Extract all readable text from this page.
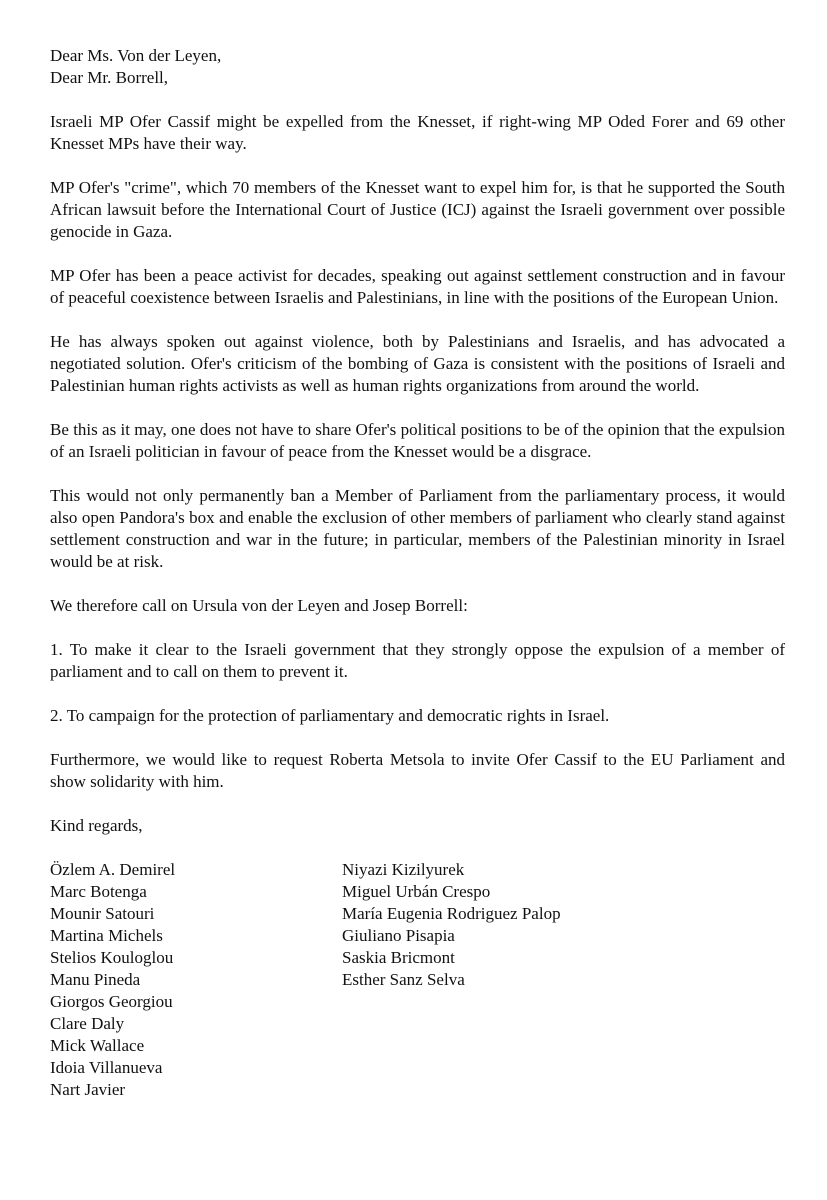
Dear Ms. Von der Leyen,

Dear Mr. Borrell,

Israeli MP Ofer Cassif might be expelled from the Knesset, if right-wing MP Oded Forer and 69 other Knesset MPs have their way.

MP Ofer's "crime", which 70 members of the Knesset want to expel him for, is that he supported the South African lawsuit before the International Court of Justice (ICJ) against the Israeli government over possible genocide in Gaza.

MP Ofer has been a peace activist for decades, speaking out against settlement construction and in favour of peaceful coexistence between Israelis and Palestinians, in line with the positions of the European Union.

He has always spoken out against violence, both by Palestinians and Israelis, and has advocated a negotiated solution. Ofer's criticism of the bombing of Gaza is consistent with the positions of Israeli and Palestinian human rights activists as well as human rights organizations from around the world.

Be this as it may, one does not have to share Ofer's political positions to be of the opinion that the expulsion of an Israeli politician in favour of peace from the Knesset would be a disgrace.

This would not only permanently ban a Member of Parliament from the parliamentary process, it would also open Pandora's box and enable the exclusion of other members of parliament who clearly stand against settlement construction and war in the future; in particular, members of the Palestinian minority in Israel would be at risk.

We therefore call on Ursula von der Leyen and Josep Borrell:

1. To make it clear to the Israeli government that they strongly oppose the expulsion of a member of parliament and to call on them to prevent it.

2. To campaign for the protection of parliamentary and democratic rights in Israel.

Furthermore, we would like to request Roberta Metsola to invite Ofer Cassif to the EU Parliament and show solidarity with him.

Kind regards,

Özlem A. Demirel
Marc Botenga
Mounir Satouri
Martina Michels
Stelios Kouloglou
Manu Pineda
Giorgos Georgiou
Clare Daly
Mick Wallace
Idoia Villanueva
Nart Javier
Niyazi Kizilyurek
Miguel Urbán Crespo
María Eugenia Rodriguez Palop
Giuliano Pisapia
Saskia Bricmont
Esther Sanz Selva
